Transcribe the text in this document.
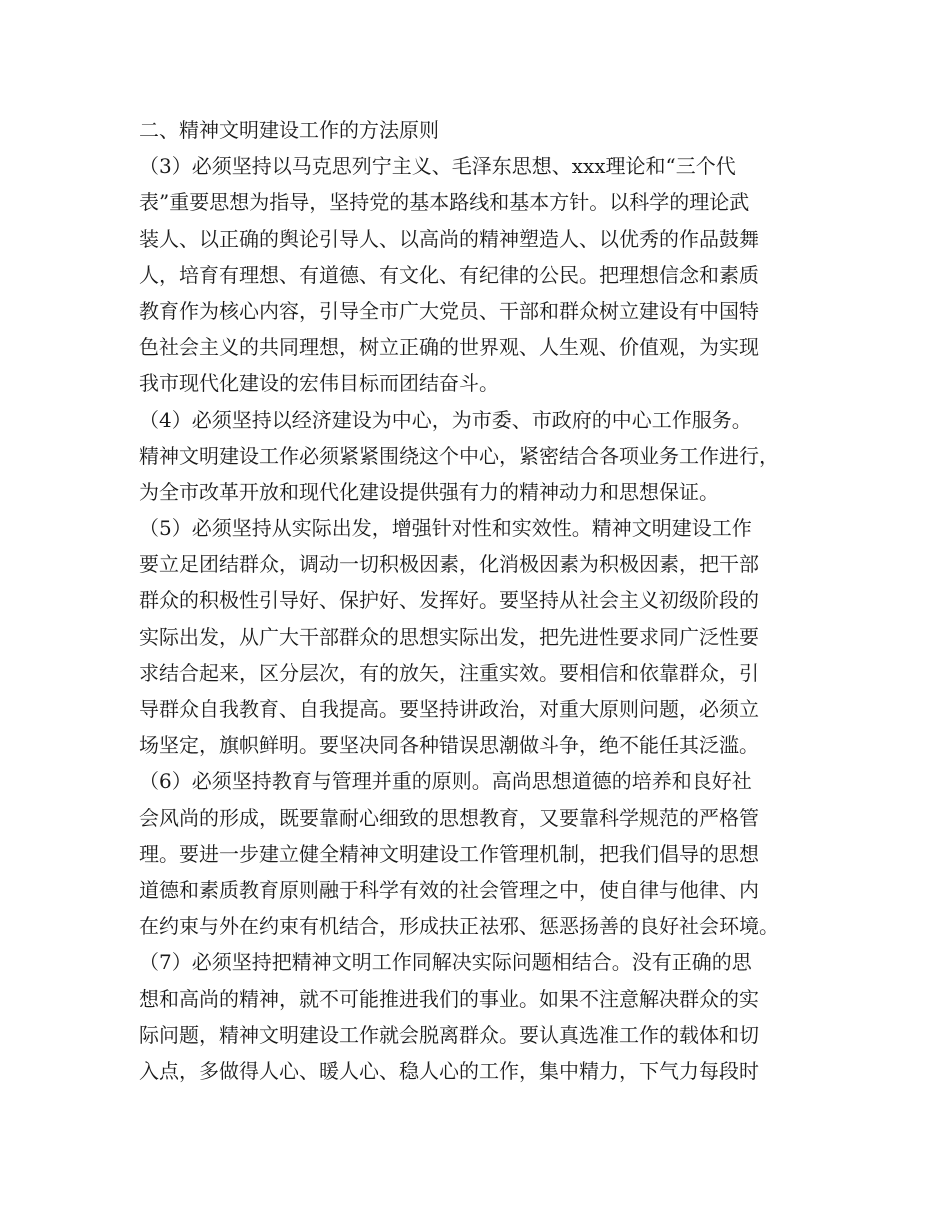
二、精神文明建设工作的方法原则
（3）必须坚持以马克思列宁主义、毛泽东思想、xxx理论和“三个代
表”重要思想为指导，坚持党的基本路线和基本方针。以科学的理论武
装人、以正确的舆论引导人、以高尚的精神塑造人、以优秀的作品鼓舞
人，培育有理想、有道德、有文化、有纪律的公民。把理想信念和素质
教育作为核心内容，引导全市广大党员、干部和群众树立建设有中国特
色社会主义的共同理想，树立正确的世界观、人生观、价值观，为实现
我市现代化建设的宏伟目标而团结奋斗。
（4）必须坚持以经济建设为中心，为市委、市政府的中心工作服务。
精神文明建设工作必须紧紧围绕这个中心，紧密结合各项业务工作进行，
为全市改革开放和现代化建设提供强有力的精神动力和思想保证。
（5）必须坚持从实际出发，增强针对性和实效性。精神文明建设工作
要立足团结群众，调动一切积极因素，化消极因素为积极因素，把干部
群众的积极性引导好、保护好、发挥好。要坚持从社会主义初级阶段的
实际出发，从广大干部群众的思想实际出发，把先进性要求同广泛性要
求结合起来，区分层次，有的放矢，注重实效。要相信和依靠群众，引
导群众自我教育、自我提高。要坚持讲政治，对重大原则问题，必须立
场坚定，旗帜鲜明。要坚决同各种错误思潮做斗争，绝不能任其泛滥。
（6）必须坚持教育与管理并重的原则。高尚思想道德的培养和良好社
会风尚的形成，既要靠耐心细致的思想教育，又要靠科学规范的严格管
理。要进一步建立健全精神文明建设工作管理机制，把我们倡导的思想
道德和素质教育原则融于科学有效的社会管理之中，使自律与他律、内
在约束与外在约束有机结合，形成扶正祛邪、惩恶扬善的良好社会环境。
（7）必须坚持把精神文明工作同解决实际问题相结合。没有正确的思
想和高尚的精神，就不可能推进我们的事业。如果不注意解决群众的实
际问题，精神文明建设工作就会脱离群众。要认真选准工作的载体和切
入点，多做得人心、暖人心、稳人心的工作，集中精力，下气力每段时
